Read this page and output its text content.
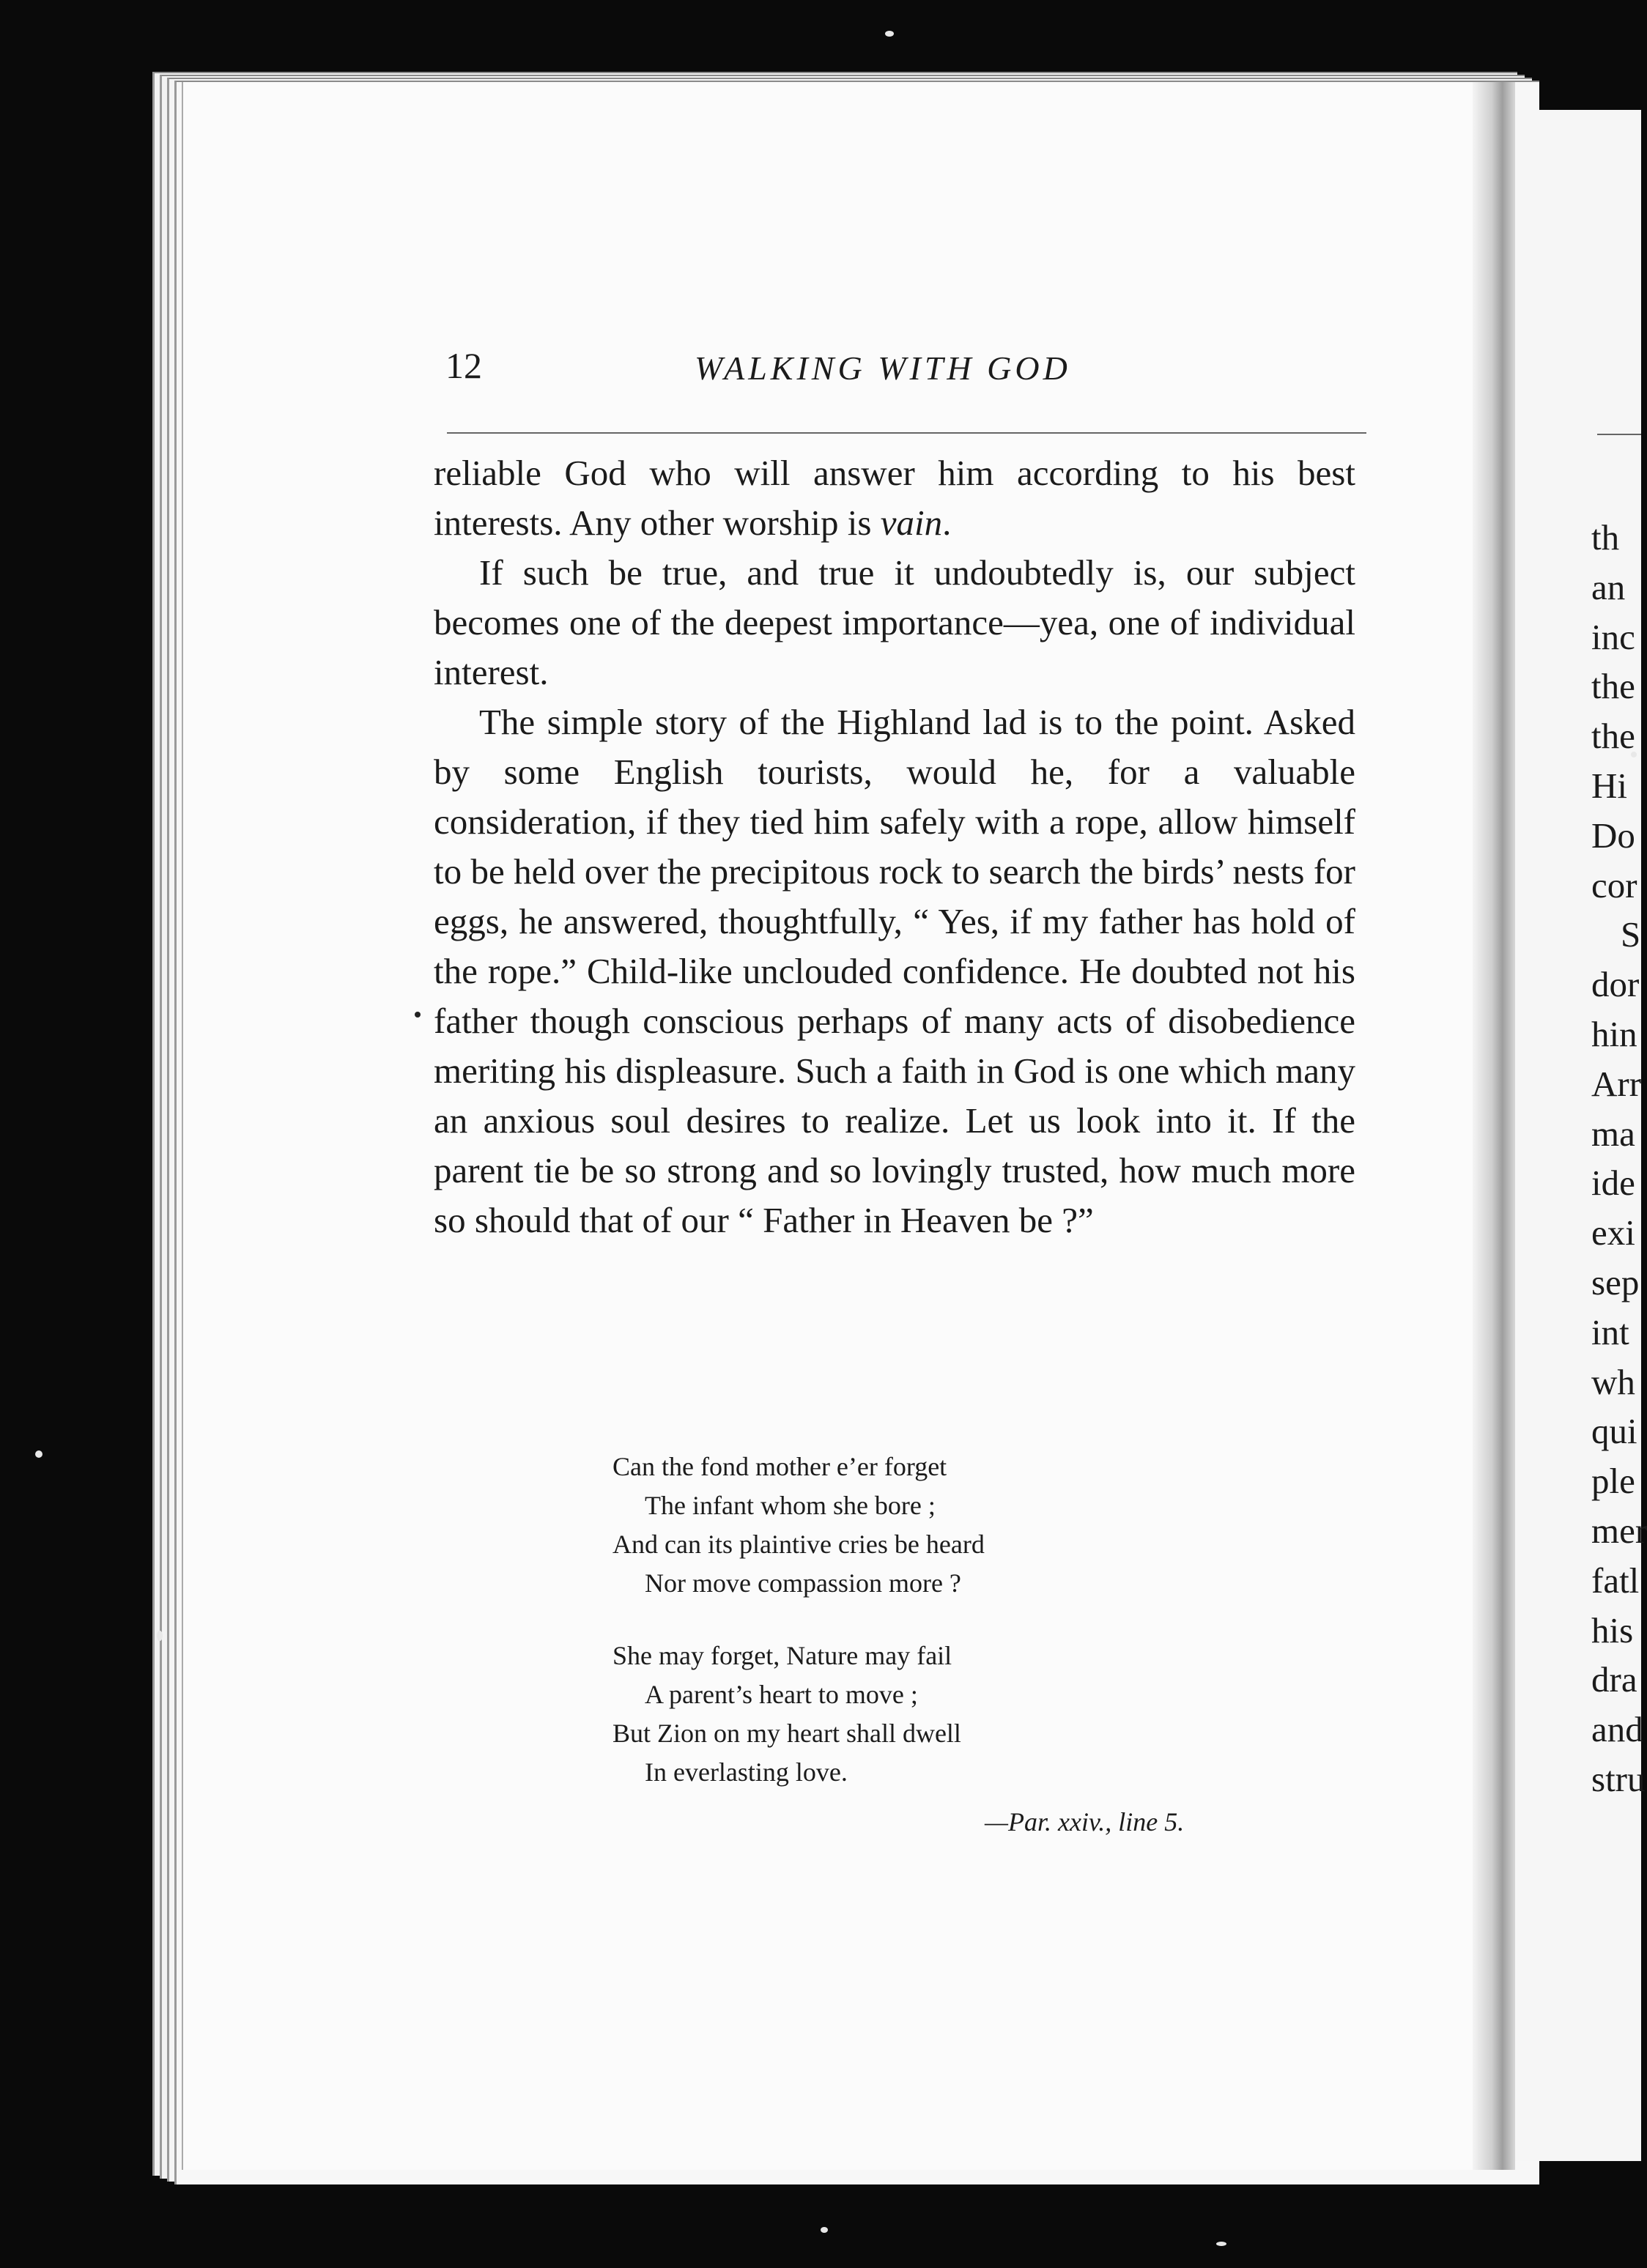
12	WALKING WITH GOD

reliable God who will answer him according to his best interests. Any other worship is vain.

If such be true, and true it undoubtedly is, our subject becomes one of the deepest importance—yea, one of individual interest.

The simple story of the Highland lad is to the point. Asked by some English tourists, would he, for a valuable consideration, if they tied him safely with a rope, allow himself to be held over the precipitous rock to search the birds’ nests for eggs, he answered, thoughtfully, “ Yes, if my father has hold of the rope.” Child-like unclouded confidence. He doubted not his father though conscious perhaps of many acts of disobedience meriting his displeasure. Such a faith in God is one which many an anxious soul desires to realize. Let us look into it. If the parent tie be so strong and so lovingly trusted, how much more so should that of our “ Father in Heaven be ?”

Can the fond mother e’er forget
The infant whom she bore ;
And can its plaintive cries be heard
Nor move compassion more ?
She may forget, Nature may fail
A parent’s heart to move ;
But Zion on my heart shall dwell
In everlasting love.
—Par. xxiv., line 5.
th
an
inc
the
the
Hi
Do
cor
S
dor
hin
Arr
ma
ide
exi
sep
int
wh
qui
ple
mer
fatl
his
dra
and
stru
